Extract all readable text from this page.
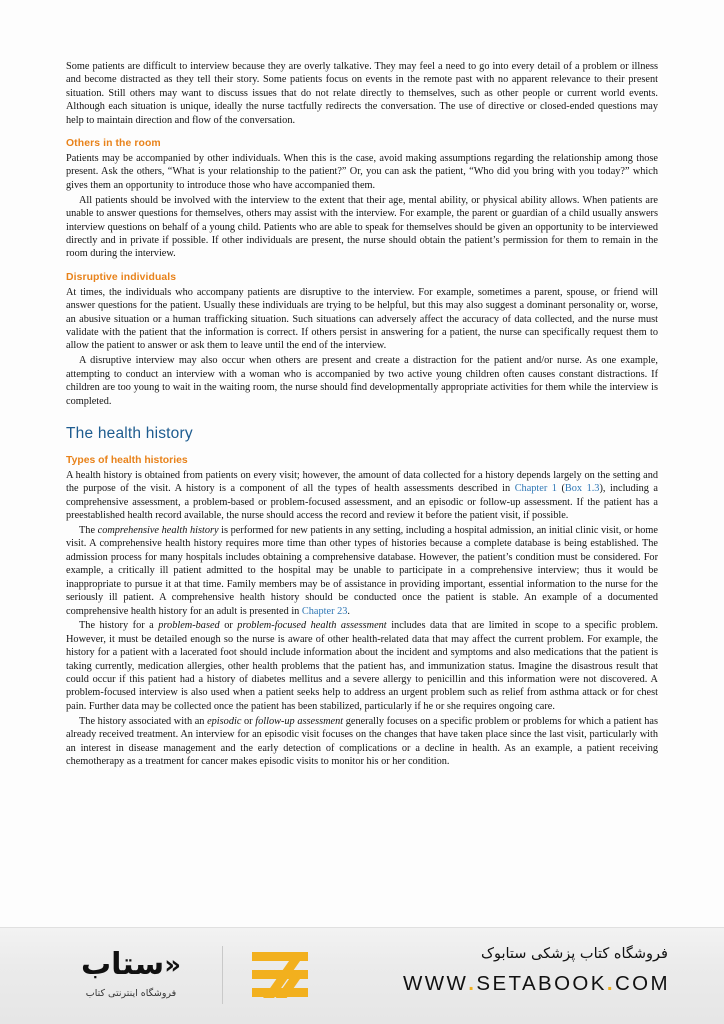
Some patients are difficult to interview because they are overly talkative. They may feel a need to go into every detail of a problem or illness and become distracted as they tell their story. Some patients focus on events in the remote past with no apparent relevance to their present situation. Still others may want to discuss issues that do not relate directly to themselves, such as other people or current world events. Although each situation is unique, ideally the nurse tactfully redirects the conversation. The use of directive or closed-ended questions may help to maintain direction and flow of the conversation.

Others in the room

Patients may be accompanied by other individuals. When this is the case, avoid making assumptions regarding the relationship among those present. Ask the others, “What is your relationship to the patient?” Or, you can ask the patient, “Who did you bring with you today?” which gives them an opportunity to introduce those who have accompanied them.

All patients should be involved with the interview to the extent that their age, mental ability, or physical ability allows. When patients are unable to answer questions for themselves, others may assist with the interview. For example, the parent or guardian of a child usually answers interview questions on behalf of a young child. Patients who are able to speak for themselves should be given an opportunity to be interviewed directly and in private if possible. If other individuals are present, the nurse should obtain the patient’s permission for them to remain in the room during the interview.

Disruptive individuals

At times, the individuals who accompany patients are disruptive to the interview. For example, sometimes a parent, spouse, or friend will answer questions for the patient. Usually these individuals are trying to be helpful, but this may also suggest a dominant personality or, worse, an abusive situation or a human trafficking situation. Such situations can adversely affect the accuracy of data collected, and the nurse must validate with the patient that the information is correct. If others persist in answering for a patient, the nurse can specifically request them to allow the patient to answer or ask them to leave until the end of the interview.

A disruptive interview may also occur when others are present and create a distraction for the patient and/or nurse. As one example, attempting to conduct an interview with a woman who is accompanied by two active young children often causes constant distractions. If children are too young to wait in the waiting room, the nurse should find developmentally appropriate activities for them while the interview is completed.

The health history
Types of health histories

A health history is obtained from patients on every visit; however, the amount of data collected for a history depends largely on the setting and the purpose of the visit. A history is a component of all the types of health assessments described in Chapter 1 (Box 1.3), including a comprehensive assessment, a problem-based or problem-focused assessment, and an episodic or follow-up assessment. If the patient has a preestablished health record available, the nurse should access the record and review it before the patient visit, if possible.

The comprehensive health history is performed for new patients in any setting, including a hospital admission, an initial clinic visit, or home visit. A comprehensive health history requires more time than other types of histories because a complete database is being established. The admission process for many hospitals includes obtaining a comprehensive database. However, the patient’s condition must be considered. For example, a critically ill patient admitted to the hospital may be unable to participate in a comprehensive interview; thus it would be inappropriate to pursue it at that time. Family members may be of assistance in providing important, essential information to the nurse for the seriously ill patient. A comprehensive health history should be conducted once the patient is stable. An example of a documented comprehensive health history for an adult is presented in Chapter 23.

The history for a problem-based or problem-focused health assessment includes data that are limited in scope to a specific problem. However, it must be detailed enough so the nurse is aware of other health-related data that may affect the current problem. For example, the history for a patient with a lacerated foot should include information about the incident and symptoms and also medications that the patient is taking currently, medication allergies, other health problems that the patient has, and immunization status. Imagine the disastrous result that could occur if this patient had a history of diabetes mellitus and a severe allergy to penicillin and this information were not discovered. A problem-focused interview is also used when a patient seeks help to address an urgent problem such as relief from asthma attack or for chest pain. Further data may be collected once the patient has been stabilized, particularly if he or she requires ongoing care.

The history associated with an episodic or follow-up assessment generally focuses on a specific problem or problems for which a patient has already received treatment. An interview for an episodic visit focuses on the changes that have taken place since the last visit, particularly with an interest in disease management and the early detection of complications or a decline in health. As an example, a patient receiving chemotherapy as a treatment for cancer makes episodic visits to monitor his or her condition.

«ستاب
فروشگاه اینترنتی کتاب
فروشگاه کتاب پزشکی ستابوک
WWW.SETABOOK.COM
